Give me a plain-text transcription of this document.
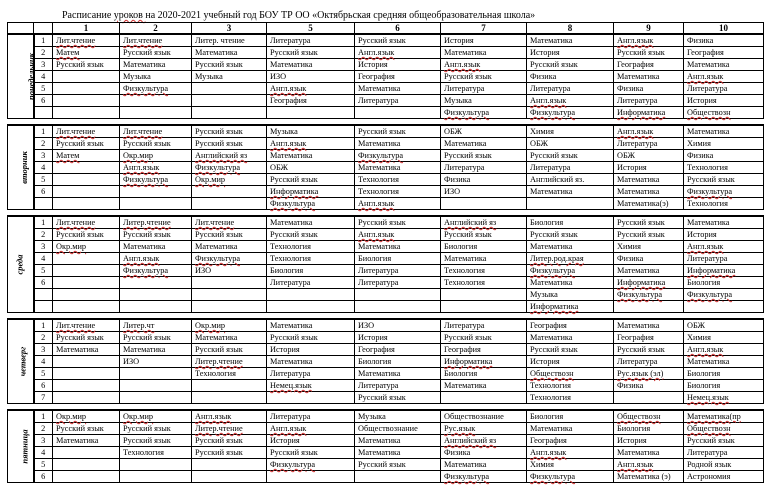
Расписание уроков на 2020-2021 учебный год БОУ ТР ОО «Октябрьская средняя общеобразовательная школа»
		1	2	3	5	6	7	8	9	10
понедельник	1	Лит.чтение	Лит.чтение	Литер. чтение	Литература	Русский язык	История	Математика	Англ.язык	Физика
	2	Матем	Русский язык	Математика	Русский язык	Англ.язык	Математика	История	Русский язык	География
	3	Русский язык	Математика	Русский язык	Математика	История	Англ.язык	Русский язык	География	Математика
	4		Музыка	Музыка	ИЗО	География	Русский язык	Физика	Математика	Англ.язык
	5		Физкультура		Англ.язык	Математика	Литература	Литература	Физика	Литература
	6				География	Литература	Музыка	Англ.язык	Литература	История
							Физкультура	Физкультура	Информатика	Обществозн

вторник	1	Лит.чтение	Лит.чтение	Русский язык	Музыка	Русский язык	ОБЖ	Химия	Англ.язык	Математика
	2	Русский язык	Русский язык	Русский язык	Англ.язык	Математика	Математика	ОБЖ	Литература	Химия
	3	Матем	Окр.мир	Английский яз	Математика	Физкультура	Русский язык	Русский язык	ОБЖ	Физика
	4		Англ.язык	Физкультура	ОБЖ	Математика	Литература	Литература	История	Технология
	5		Физкультура	Окр.мир	Русский язык	Технология	Физика	Английский яз.	Математика	Русский язык
	6				Информатика	Технология	ИЗО	Математика	Математика	Физкультура
					Физкультура	Англ.язык			Математика(э)	Технология

среда	1	Лит.чтение	Литер.чтение	Лит.чтение	Математика	Русский язык	Английский яз	Биология	Русский язык	Математика
	2	Русский язык	Русский язык	Русский язык	Русский язык	Англ.язык	Русский язык	Русский язык	Русский язык	История
	3	Окр.мир	Математика	Математика	Технология	Математика	Биология	Математика	Химия	Англ.язык
	4		Англ.язык	Физкультура	Технология	Биология	Математика	Литер.род.края	Физика	Литература
	5		Физкультура	ИЗО	Биология	Литература	Технология	Физкультура	Математика	Информатика
	6				Литература	Литература	Технология	Математика	Информатика	Биология
								Музыка	Физкультура	Физкультура
								Информатика		

четверг	1	Лит.чтение	Литер.чт	Окр.мир	Математика	ИЗО	Литература	География	Математика	ОБЖ
	2	Русский язык	Русский язык	Математика	Русский язык	История	Русский язык	Математика	География	Химия
	3	Математика	Математика	Русский язык	История	География	География	Русский язык	Русский язык	Англ.язык
	4		ИЗО	Литер.чтение	Математика	Биология	Информатика	История	Литература	Математика
	5			Технология	Литература	Математика	Биология	Обществозн	Рус.язык (эл)	Биология
	6				Немец.язык	Литература	Математика	Технология	Физика	Биология
	7					Русский язык		Технология		Немец.язык

пятница	1	Окр.мир	Окр.мир	Англ.язык	Литература	Музыка	Обществознание	Биология	Обществозн	Математика(пр
	2	Русский язык	Русский язык	Литер.чтение	Англ.язык	Обществознание	Рус.язык	Математика	Биология	Обществозн
	3	Математика	Русский язык	Русский язык	История	Математика	Английский яз	География	История	Русский язык
	4		Технология	Русский язык	Русский язык	Математика	Физика	Англ.язык	Математика	Литература
	5				Физкультура	Русский язык	Математика	Химия	Англ.язык	Родной язык
	6						Физкультура	Физкультура	Математика (э)	Астрономия
